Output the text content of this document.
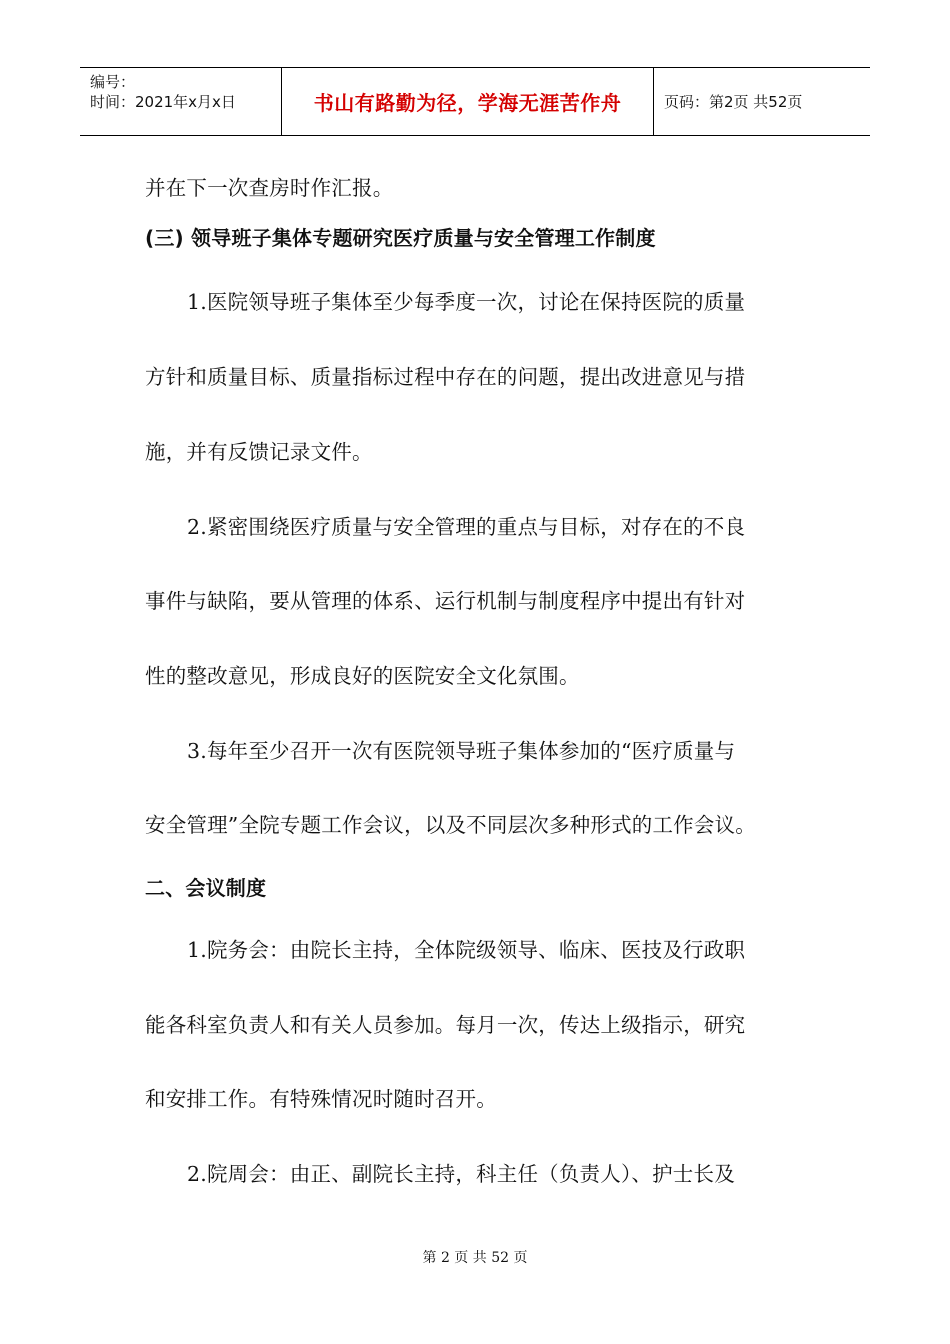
编号：
时间：2021年x月x日	书山有路勤为径，学海无涯苦作舟	页码：第2页 共52页
并在下一次查房时作汇报。
(三) 领导班子集体专题研究医疗质量与安全管理工作制度
1.医院领导班子集体至少每季度一次，讨论在保持医院的质量
方针和质量目标、质量指标过程中存在的问题，提出改进意见与措
施，并有反馈记录文件。
2.紧密围绕医疗质量与安全管理的重点与目标，对存在的不良
事件与缺陷，要从管理的体系、运行机制与制度程序中提出有针对
性的整改意见，形成良好的医院安全文化氛围。
3.每年至少召开一次有医院领导班子集体参加的“医疗质量与
安全管理”全院专题工作会议，以及不同层次多种形式的工作会议。
二、会议制度
1.院务会：由院长主持，全体院级领导、临床、医技及行政职
能各科室负责人和有关人员参加。每月一次，传达上级指示，研究
和安排工作。有特殊情况时随时召开。
2.院周会：由正、副院长主持，科主任（负责人）、护士长及
第 2 页 共 52 页
